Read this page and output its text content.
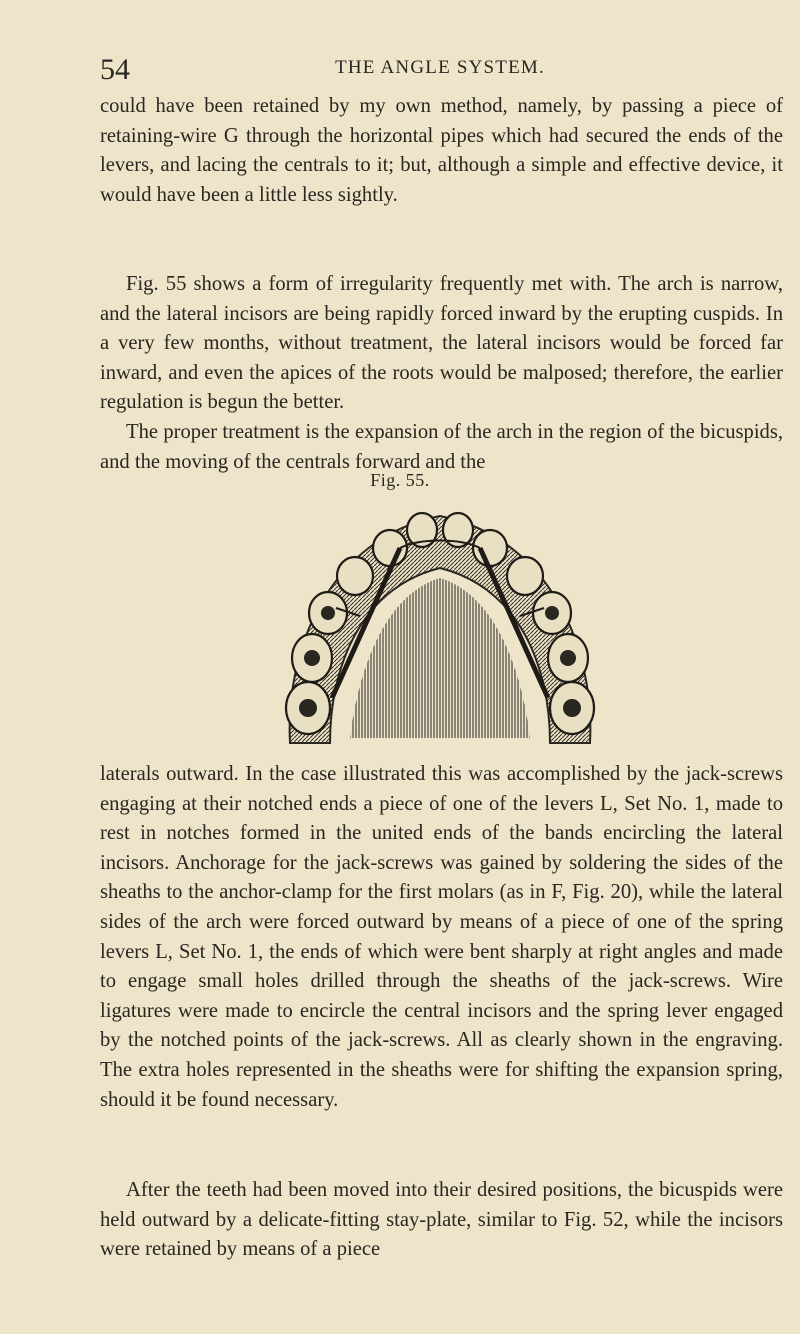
54	THE ANGLE SYSTEM.

could have been retained by my own method, namely, by passing a piece of retaining-wire G through the horizontal pipes which had secured the ends of the levers, and lacing the centrals to it; but, although a simple and effective device, it would have been a little less sightly.

Fig. 55 shows a form of irregularity frequently met with. The arch is narrow, and the lateral incisors are being rapidly forced inward by the erupting cuspids. In a very few months, without treatment, the lateral incisors would be forced far inward, and even the apices of the roots would be malposed; therefore, the earlier regulation is begun the better.

The proper treatment is the expansion of the arch in the region of the bicuspids, and the moving of the centrals forward and the

Fig. 55.

laterals outward. In the case illustrated this was accomplished by the jack-screws engaging at their notched ends a piece of one of the levers L, Set No. 1, made to rest in notches formed in the united ends of the bands encircling the lateral incisors. Anchorage for the jack-screws was gained by soldering the sides of the sheaths to the anchor-clamp for the first molars (as in F, Fig. 20), while the lateral sides of the arch were forced outward by means of a piece of one of the spring levers L, Set No. 1, the ends of which were bent sharply at right angles and made to engage small holes drilled through the sheaths of the jack-screws. Wire ligatures were made to encircle the central incisors and the spring lever engaged by the notched points of the jack-screws. All as clearly shown in the engraving. The extra holes represented in the sheaths were for shifting the expansion spring, should it be found necessary.

After the teeth had been moved into their desired positions, the bicuspids were held outward by a delicate-fitting stay-plate, similar to Fig. 52, while the incisors were retained by means of a piece
